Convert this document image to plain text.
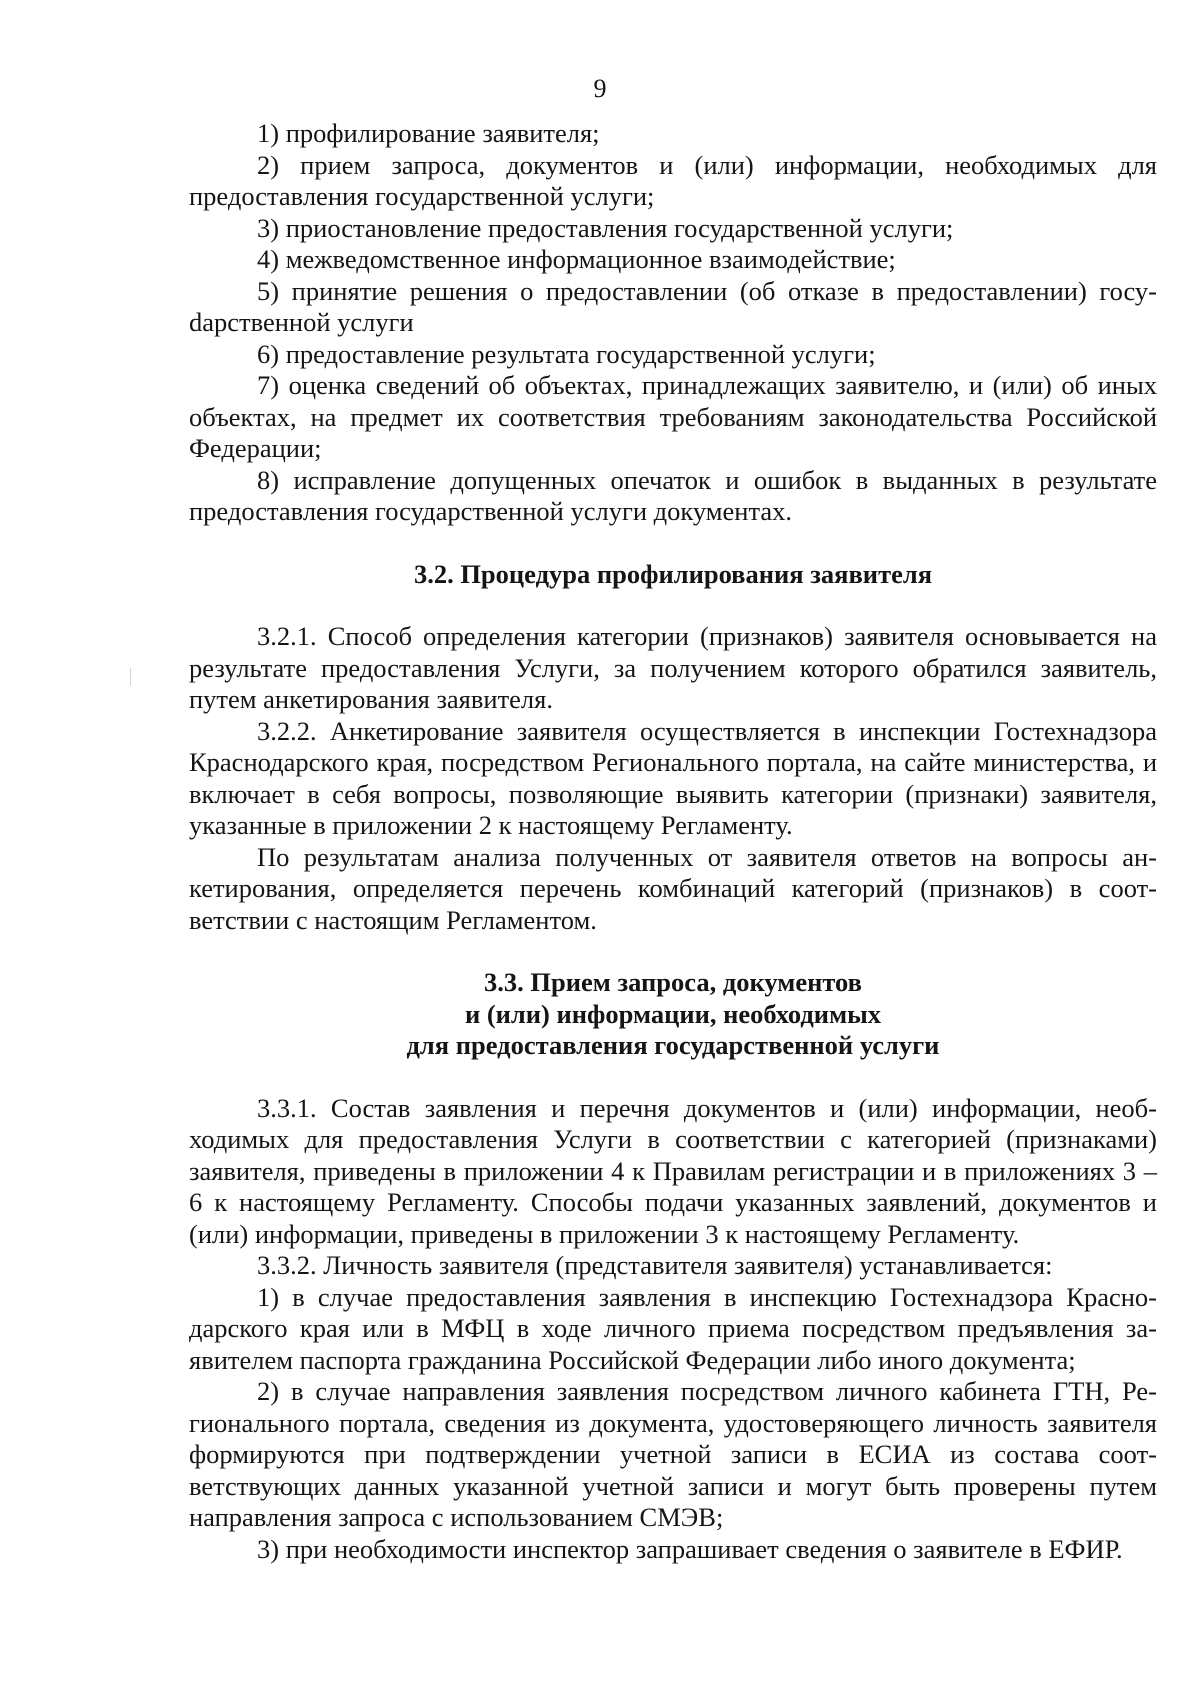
9

1) профилирование заявителя;

2) прием запроса, документов и (или) информации, необходимых для предоставления государственной услуги;

3) приостановление предоставления государственной услуги;

4) межведомственное информационное взаимодействие;

5) принятие решения о предоставлении (об отказе в предоставлении) госуdарственной услуги

6) предоставление результата государственной услуги;

7) оценка сведений об объектах, принадлежащих заявителю, и (или) об иных объектах, на предмет их соответствия требованиям законодательства Российской Федерации;

8) исправление допущенных опечаток и ошибок в выданных в результате предоставления государственной услуги документах.

3.2. Процедура профилирования заявителя

3.2.1. Способ определения категории (признаков) заявителя основывается на результате предоставления Услуги, за получением которого обратился заявитель, путем анкетирования заявителя.

3.2.2. Анкетирование заявителя осуществляется в инспекции Гостехнадзора Краснодарского края, посредством Регионального портала, на сайте министерства, и включает в себя вопросы, позволяющие выявить категории (признаки) заявителя, указанные в приложении 2 к настоящему Регламенту.

По результатам анализа полученных от заявителя ответов на вопросы анкетирования, определяется перечень комбинаций категорий (признаков) в соответствии с настоящим Регламентом.

3.3. Прием запроса, документов
и (или) информации, необходимых
для предоставления государственной услуги

3.3.1. Состав заявления и перечня документов и (или) информации, необходимых для предоставления Услуги в соответствии с категорией (признаками) заявителя, приведены в приложении 4 к Правилам регистрации и в приложениях 3 – 6 к настоящему Регламенту. Способы подачи указанных заявлений, документов и (или) информации, приведены в приложении 3 к настоящему Регламенту.

3.3.2. Личность заявителя (представителя заявителя) устанавливается:

1) в случае предоставления заявления в инспекцию Гостехнадзора Краснодарского края или в МФЦ в ходе личного приема посредством предъявления заявителем паспорта гражданина Российской Федерации либо иного документа;

2) в случае направления заявления посредством личного кабинета ГТН, Регионального портала, сведения из документа, удостоверяющего личность заявителя формируются при подтверждении учетной записи в ЕСИА из состава соответствующих данных указанной учетной записи и могут быть проверены путем направления запроса с использованием СМЭВ;

3) при необходимости инспектор запрашивает сведения о заявителе в ЕФИР.
